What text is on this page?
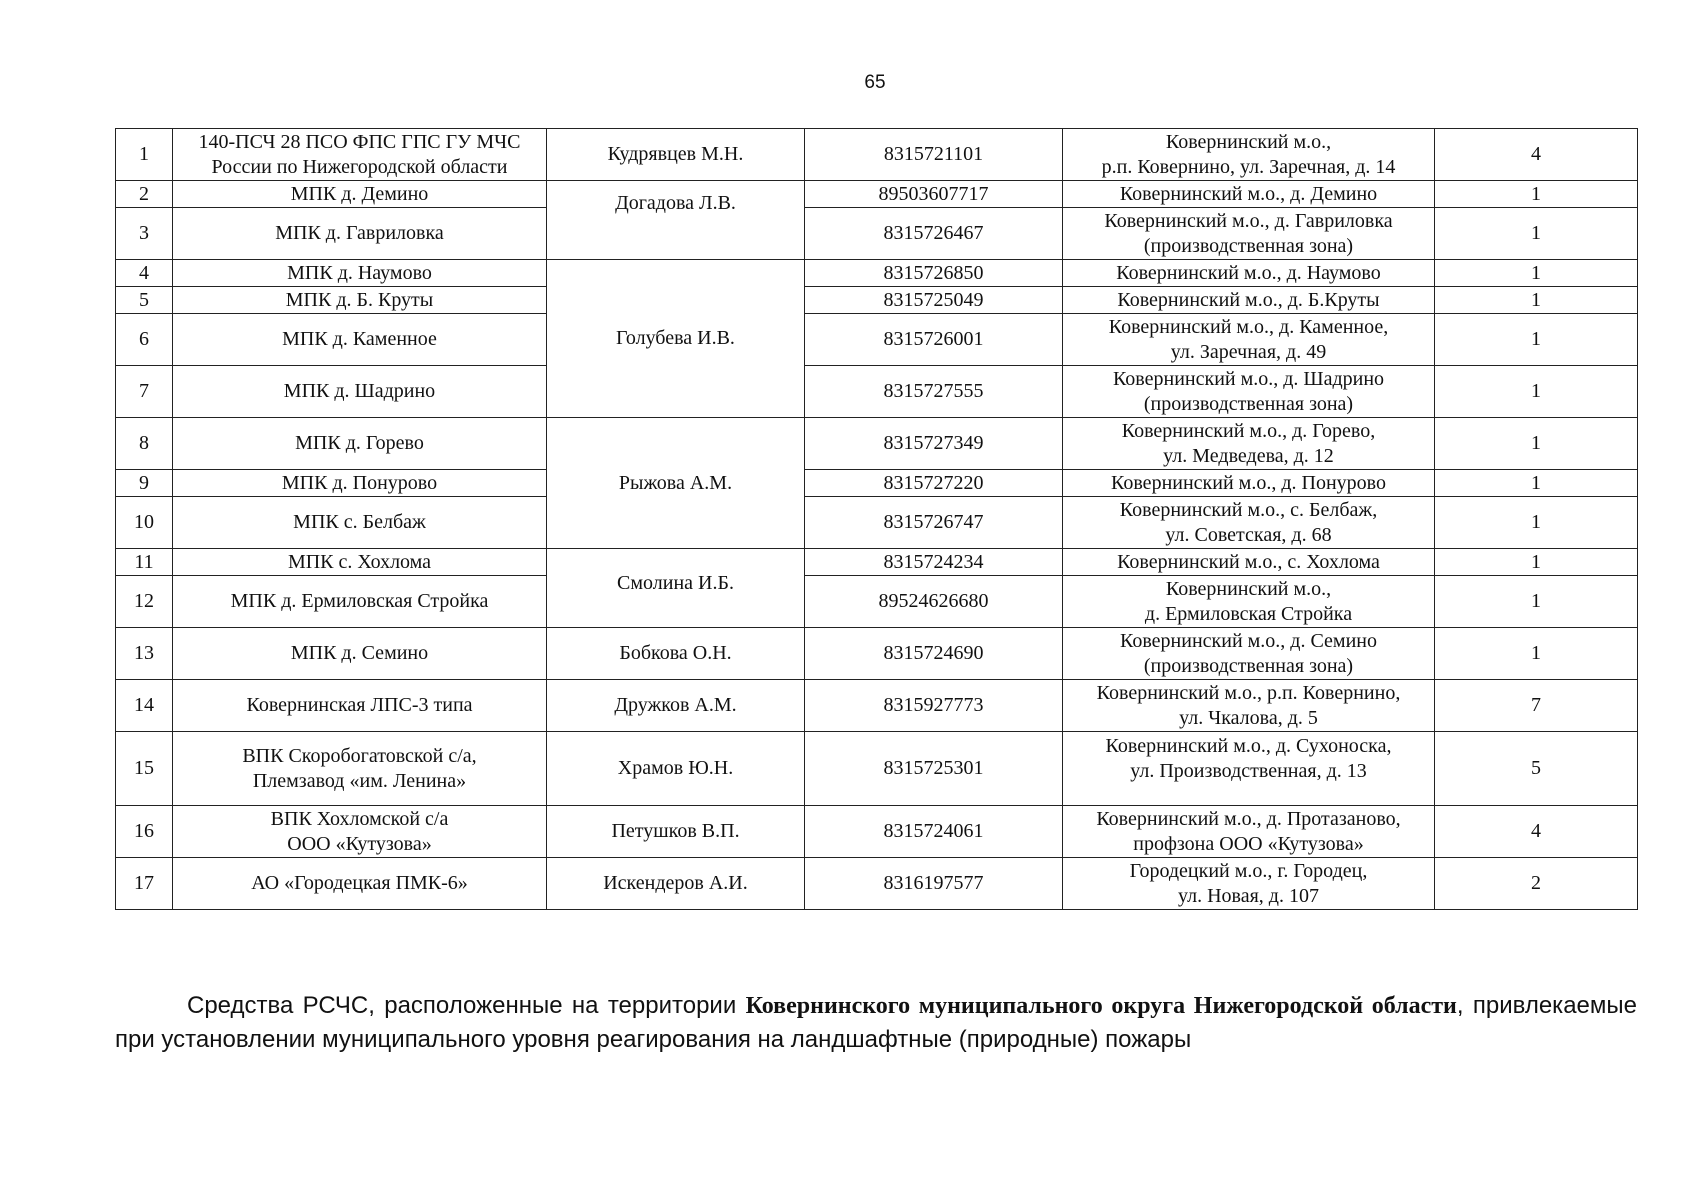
65
1	140-ПСЧ 28 ПСО ФПС ГПС ГУ МЧС
России по Нижегородской области	Кудрявцев М.Н.	8315721101	Ковернинский м.о.,
р.п. Ковернино, ул. Заречная, д. 14	4
2	МПК д. Демино	Догадова Л.В.	89503607717	Ковернинский м.о., д. Демино	1
3	МПК д. Гавриловка		8315726467	Ковернинский м.о., д. Гавриловка
(производственная зона)	1
4	МПК д. Наумово	Голубева И.В.	8315726850	Ковернинский м.о., д. Наумово	1
5	МПК д. Б. Круты		8315725049	Ковернинский м.о., д. Б.Круты	1
6	МПК д. Каменное		8315726001	Ковернинский м.о., д. Каменное,
ул. Заречная, д. 49	1
7	МПК д. Шадрино		8315727555	Ковернинский м.о., д. Шадрино
(производственная зона)	1
8	МПК д. Горево	Рыжова А.М.	8315727349	Ковернинский м.о., д. Горево,
ул. Медведева, д. 12	1
9	МПК д. Понурово		8315727220	Ковернинский м.о., д. Понурово	1
10	МПК с. Белбаж		8315726747	Ковернинский м.о., с. Белбаж,
ул. Советская, д. 68	1
11	МПК с. Хохлома	Смолина И.Б.	8315724234	Ковернинский м.о., с. Хохлома	1
12	МПК д. Ермиловская Стройка		89524626680	Ковернинский м.о.,
д. Ермиловская Стройка	1
13	МПК д. Семино	Бобкова О.Н.	8315724690	Ковернинский м.о., д. Семино
(производственная зона)	1
14	Ковернинская ЛПС-3 типа	Дружков А.М.	8315927773	Ковернинский м.о., р.п. Ковернино,
ул. Чкалова, д. 5	7
15	ВПК Скоробогатовской с/а,
Племзавод «им. Ленина»	Храмов Ю.Н.	8315725301	Ковернинский м.о., д. Сухоноска,
ул. Производственная, д. 13	5
16	ВПК Хохломской с/а
ООО «Кутузова»	Петушков В.П.	8315724061	Ковернинский м.о., д. Протазаново,
профзона ООО «Кутузова»	4
17	АО «Городецкая ПМК-6»	Искендеров А.И.	8316197577	Городецкий м.о., г. Городец,
ул. Новая, д. 107	2

Средства РСЧС, расположенные на территории Ковернинского муниципального округа Нижегородской области, привлекаемые при установлении муниципального уровня реагирования на ландшафтные (природные) пожары
